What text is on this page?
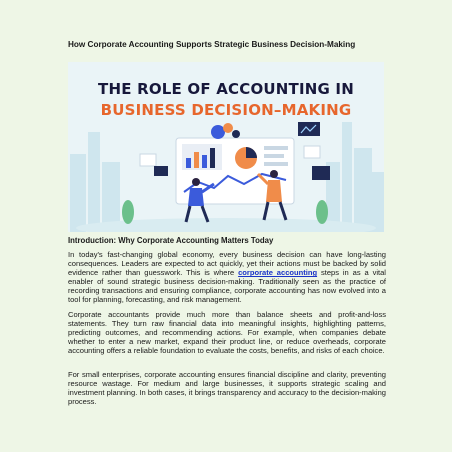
How Corporate Accounting Supports Strategic Business Decision-Making
THE ROLE OF ACCOUNTING IN
BUSINESS DECISION–MAKING
Introduction: Why Corporate Accounting Matters Today

In today's fast-changing global economy, every business decision can have long-lasting consequences. Leaders are expected to act quickly, yet their actions must be backed by solid evidence rather than guesswork. This is where corporate accounting steps in as a vital enabler of sound strategic business decision-making. Traditionally seen as the practice of recording transactions and ensuring compliance, corporate accounting has now evolved into a tool for planning, forecasting, and risk management.

Corporate accountants provide much more than balance sheets and profit-and-loss statements. They turn raw financial data into meaningful insights, highlighting patterns, predicting outcomes, and recommending actions. For example, when companies debate whether to enter a new market, expand their product line, or reduce overheads, corporate accounting offers a reliable foundation to evaluate the costs, benefits, and risks of each choice.

For small enterprises, corporate accounting ensures financial discipline and clarity, preventing resource wastage. For medium and large businesses, it supports strategic scaling and investment planning. In both cases, it brings transparency and accuracy to the decision-making process.
